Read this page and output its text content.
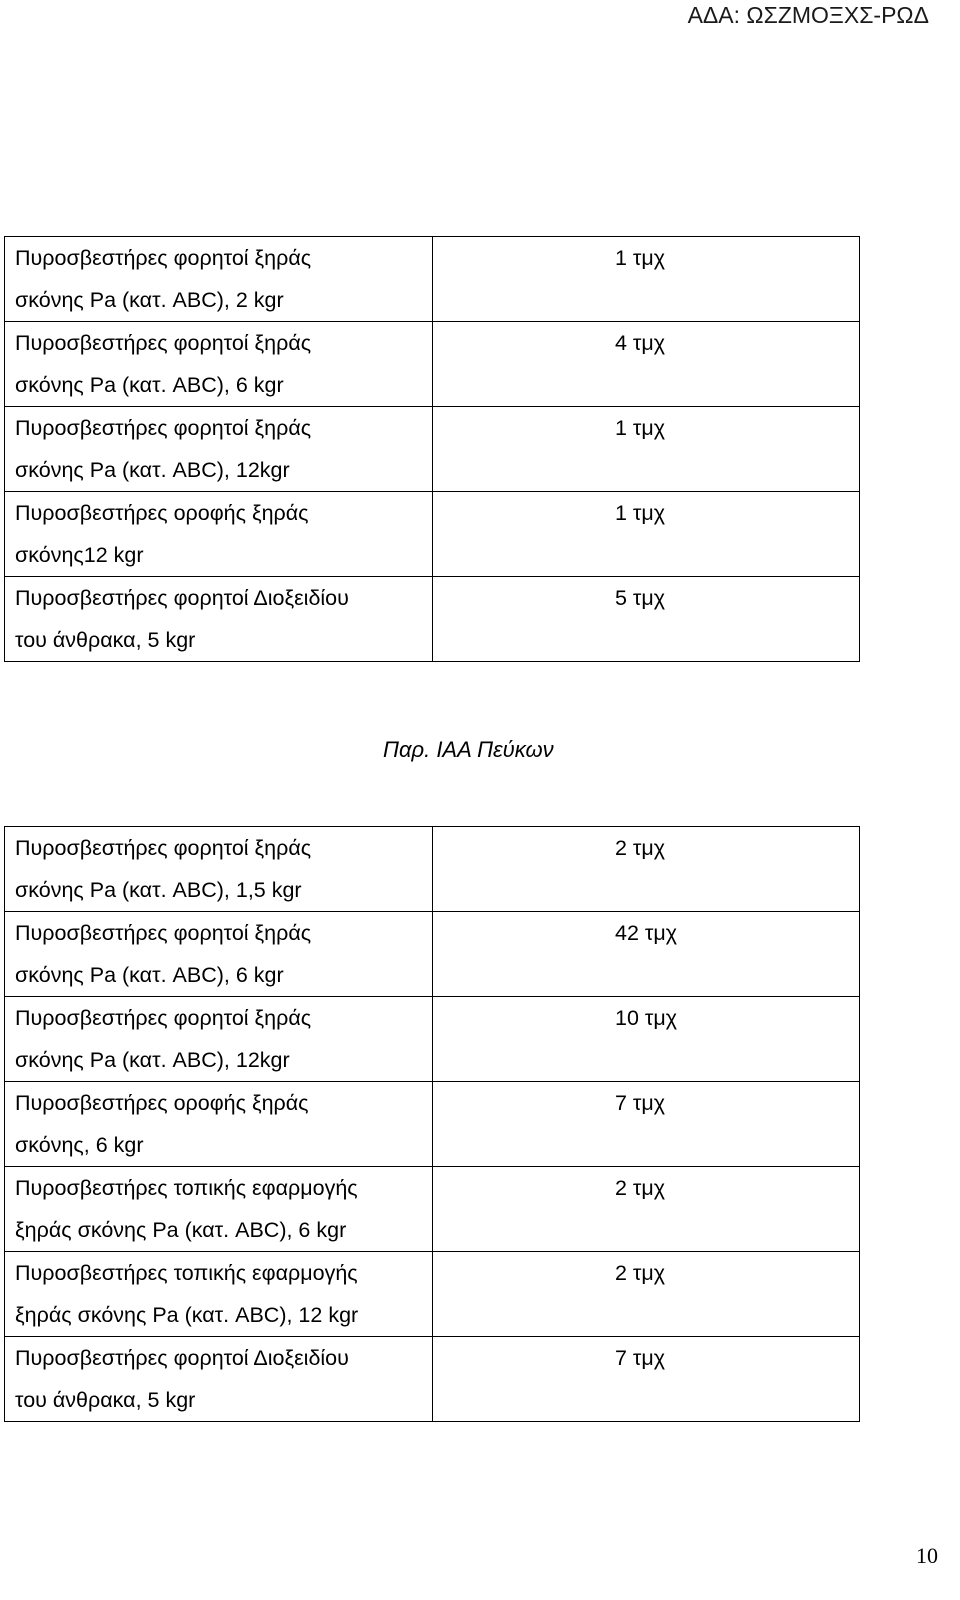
ΑΔΑ: ΩΣΖΜΟΞΧΣ-ΡΩΔ
Πυροσβεστήρες φορητοί ξηράς
σκόνης Pa (κατ. ABC), 2 kgr	1 τμχ

Πυροσβεστήρες φορητοί ξηράς
σκόνης Pa (κατ. ABC), 6 kgr	4 τμχ

Πυροσβεστήρες φορητοί ξηράς
σκόνης Pa (κατ. ABC), 12kgr	1 τμχ

Πυροσβεστήρες οροφής ξηράς
σκόνης12 kgr	1 τμχ

Πυροσβεστήρες φορητοί Διοξειδίου
του άνθρακα, 5 kgr	5 τμχ
Παρ. ΙΑΑ Πεύκων
Πυροσβεστήρες φορητοί ξηράς
σκόνης Pa (κατ. ABC), 1,5 kgr	2 τμχ

Πυροσβεστήρες φορητοί ξηράς
σκόνης Pa (κατ. ABC), 6 kgr	42 τμχ

Πυροσβεστήρες φορητοί ξηράς
σκόνης Pa (κατ. ABC), 12kgr	10 τμχ

Πυροσβεστήρες οροφής ξηράς
σκόνης, 6 kgr	7 τμχ

Πυροσβεστήρες τοπικής εφαρμογής
ξηράς σκόνης Pa (κατ. ABC), 6 kgr	2 τμχ

Πυροσβεστήρες τοπικής εφαρμογής
ξηράς σκόνης Pa (κατ. ABC), 12 kgr	2 τμχ

Πυροσβεστήρες φορητοί Διοξειδίου
του άνθρακα, 5 kgr	7 τμχ
10
